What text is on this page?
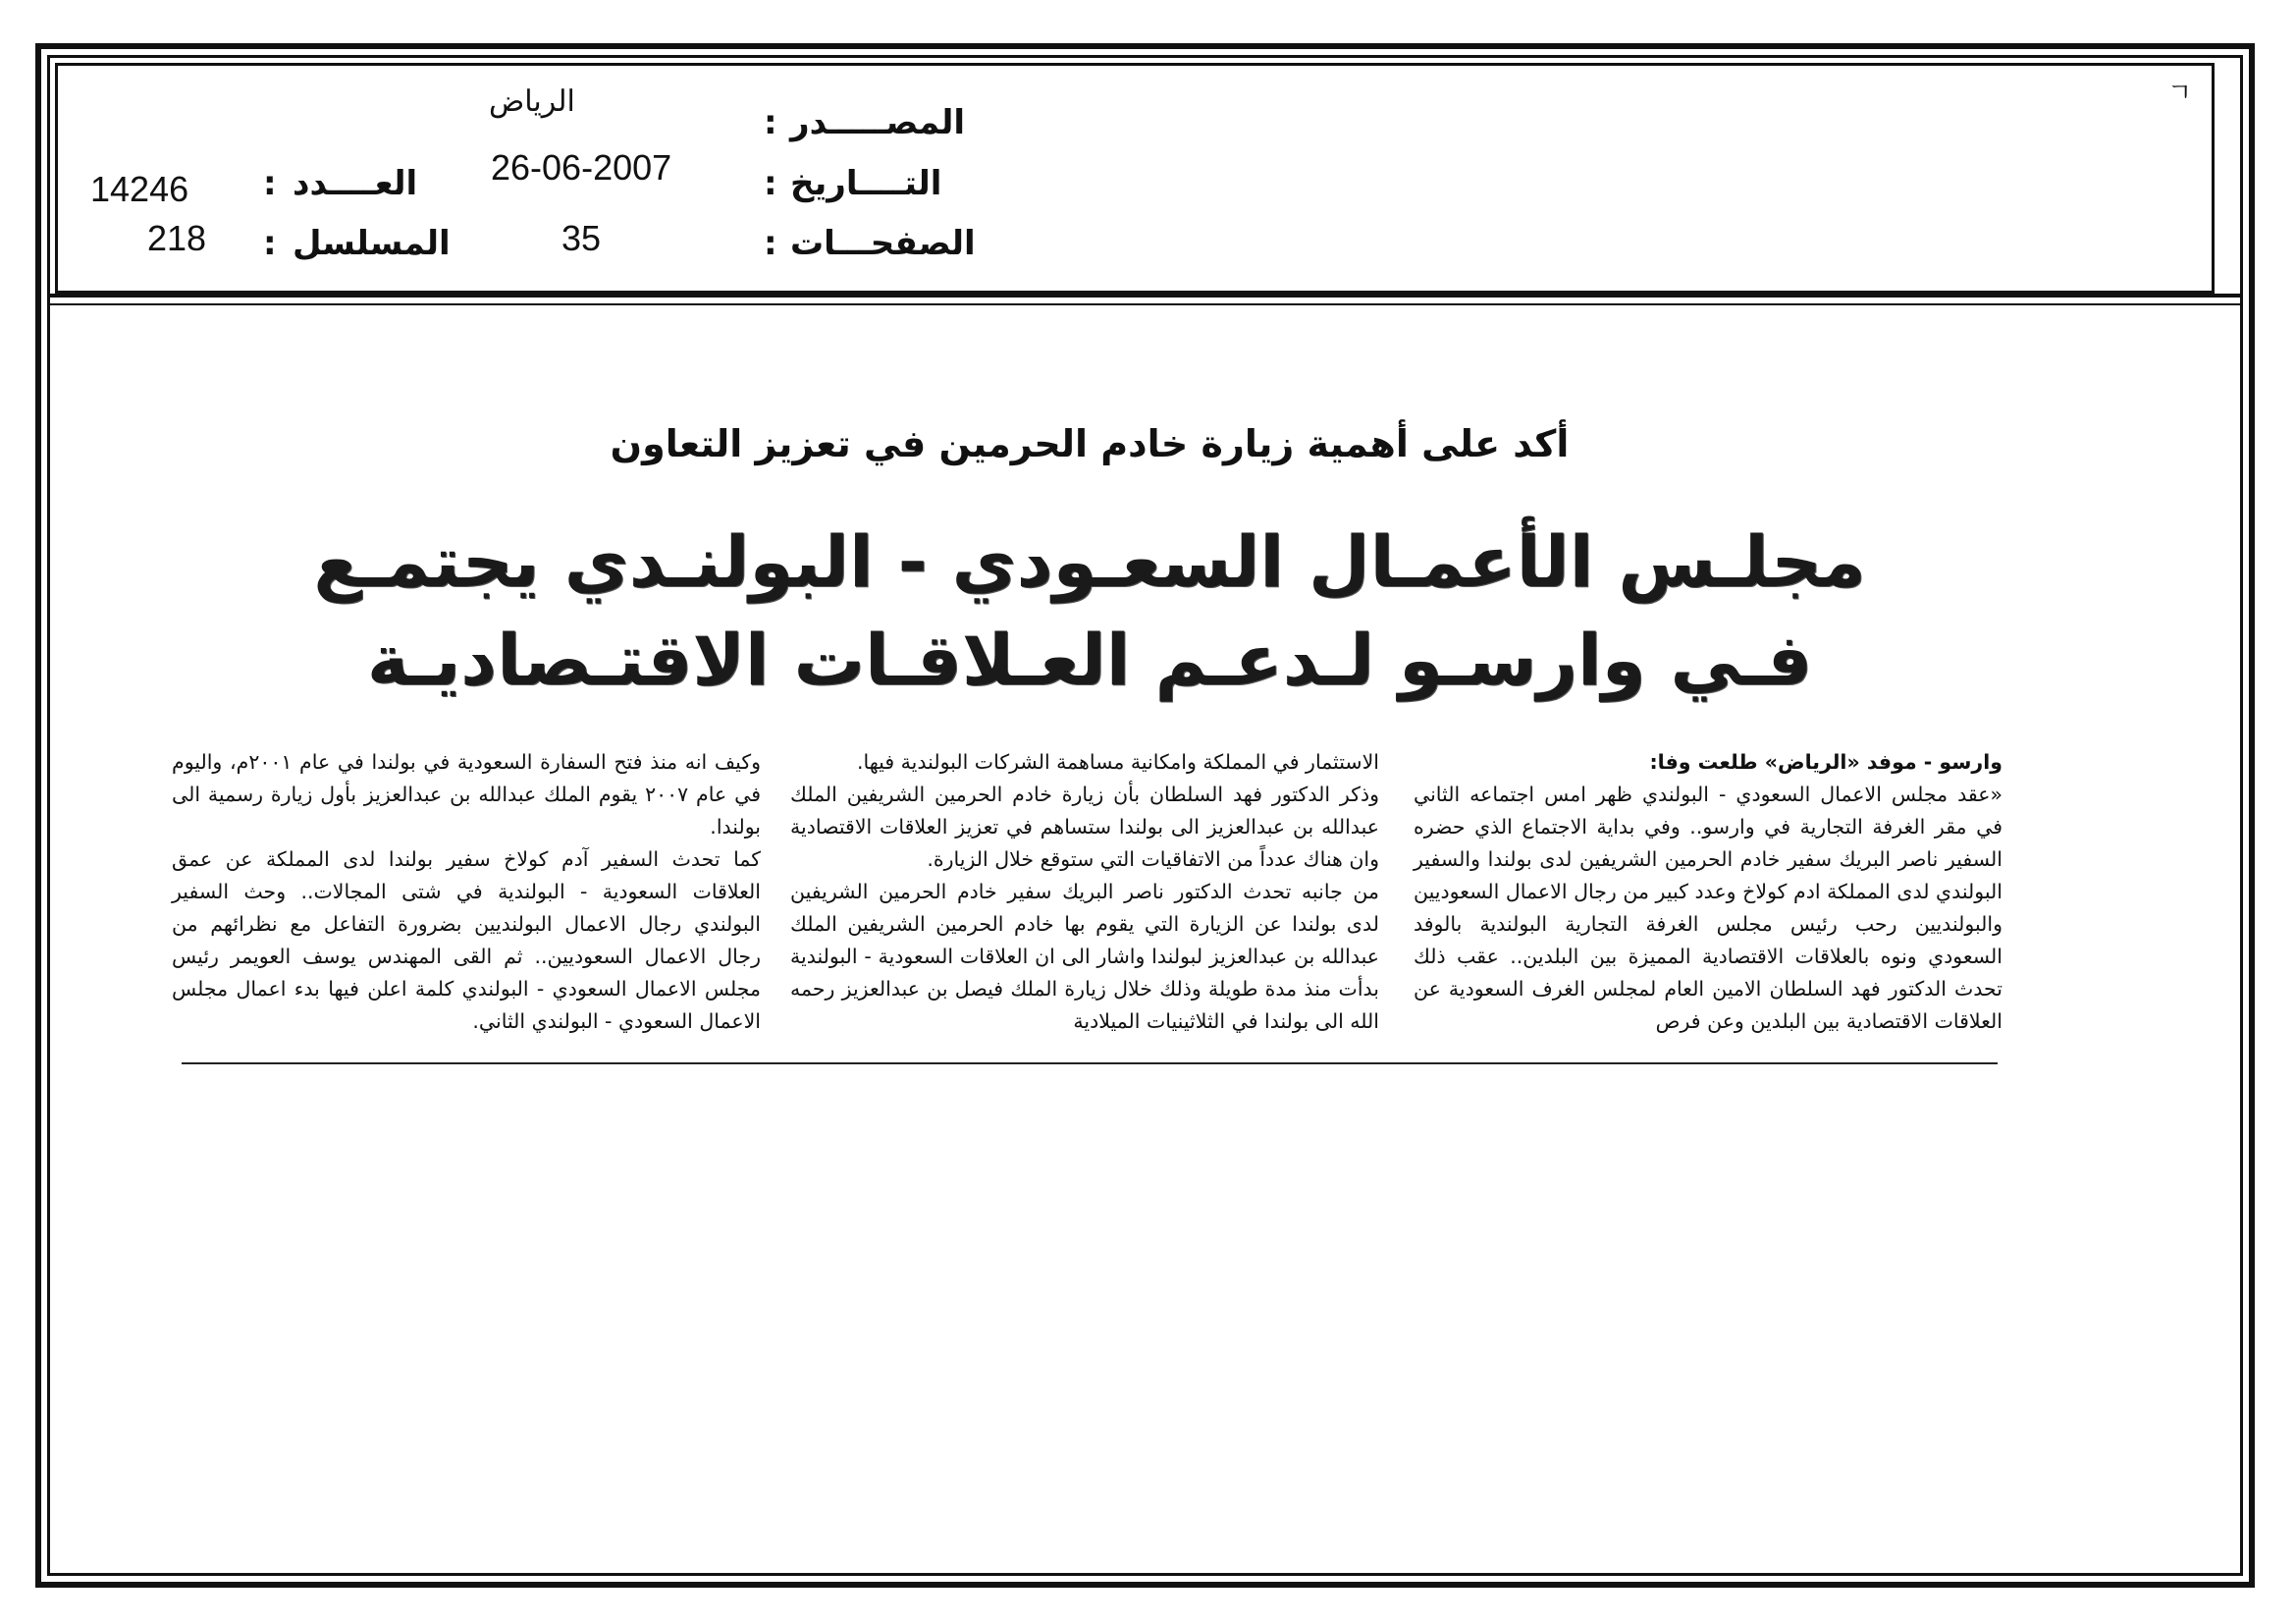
ㄱ
المصـــــدر
:
التــــاريخ
:
الصفحـــات
:
الرياض
26-06-2007
35
العــــدد
:
المسلسل
:
14246
218
أكد على أهمية زيارة خادم الحرمين في تعزيز التعاون
مجلـس الأعمـال السعـودي - البولنـدي يجتمـع
فـي وارسـو لـدعـم العـلاقـات الاقتـصاديـة

وارسو - موفد «الرياض» طلعت وفا:

«عقد مجلس الاعمال السعودي - البولندي ظهر امس اجتماعه الثاني في مقر الغرفة التجارية في وارسو.. وفي بداية الاجتماع الذي حضره السفير ناصر البريك سفير خادم الحرمين الشريفين لدى بولندا والسفير البولندي لدى المملكة ادم كولاخ وعدد كبير من رجال الاعمال السعوديين والبولنديين رحب رئيس مجلس الغرفة التجارية البولندية بالوفد السعودي ونوه بالعلاقات الاقتصادية المميزة بين البلدين.. عقب ذلك تحدث الدكتور فهد السلطان الامين العام لمجلس الغرف السعودية عن العلاقات الاقتصادية بين البلدين وعن فرص

الاستثمار في المملكة وامكانية مساهمة الشركات البولندية فيها.

وذكر الدكتور فهد السلطان بأن زيارة خادم الحرمين الشريفين الملك عبدالله بن عبدالعزيز الى بولندا ستساهم في تعزيز العلاقات الاقتصادية وان هناك عدداً من الاتفاقيات التي ستوقع خلال الزيارة.

من جانبه تحدث الدكتور ناصر البريك سفير خادم الحرمين الشريفين لدى بولندا عن الزيارة التي يقوم بها خادم الحرمين الشريفين الملك عبدالله بن عبدالعزيز لبولندا واشار الى ان العلاقات السعودية - البولندية بدأت منذ مدة طويلة وذلك خلال زيارة الملك فيصل بن عبدالعزيز رحمه الله الى بولندا في الثلاثينيات الميلادية

وكيف انه منذ فتح السفارة السعودية في بولندا في عام ٢٠٠١م، واليوم في عام ٢٠٠٧ يقوم الملك عبدالله بن عبدالعزيز بأول زيارة رسمية الى بولندا.

كما تحدث السفير آدم كولاخ سفير بولندا لدى المملكة عن عمق العلاقات السعودية - البولندية في شتى المجالات.. وحث السفير البولندي رجال الاعمال البولنديين بضرورة التفاعل مع نظرائهم من رجال الاعمال السعوديين.. ثم القى المهندس يوسف العويمر رئيس مجلس الاعمال السعودي - البولندي كلمة اعلن فيها بدء اعمال مجلس الاعمال السعودي - البولندي الثاني.
